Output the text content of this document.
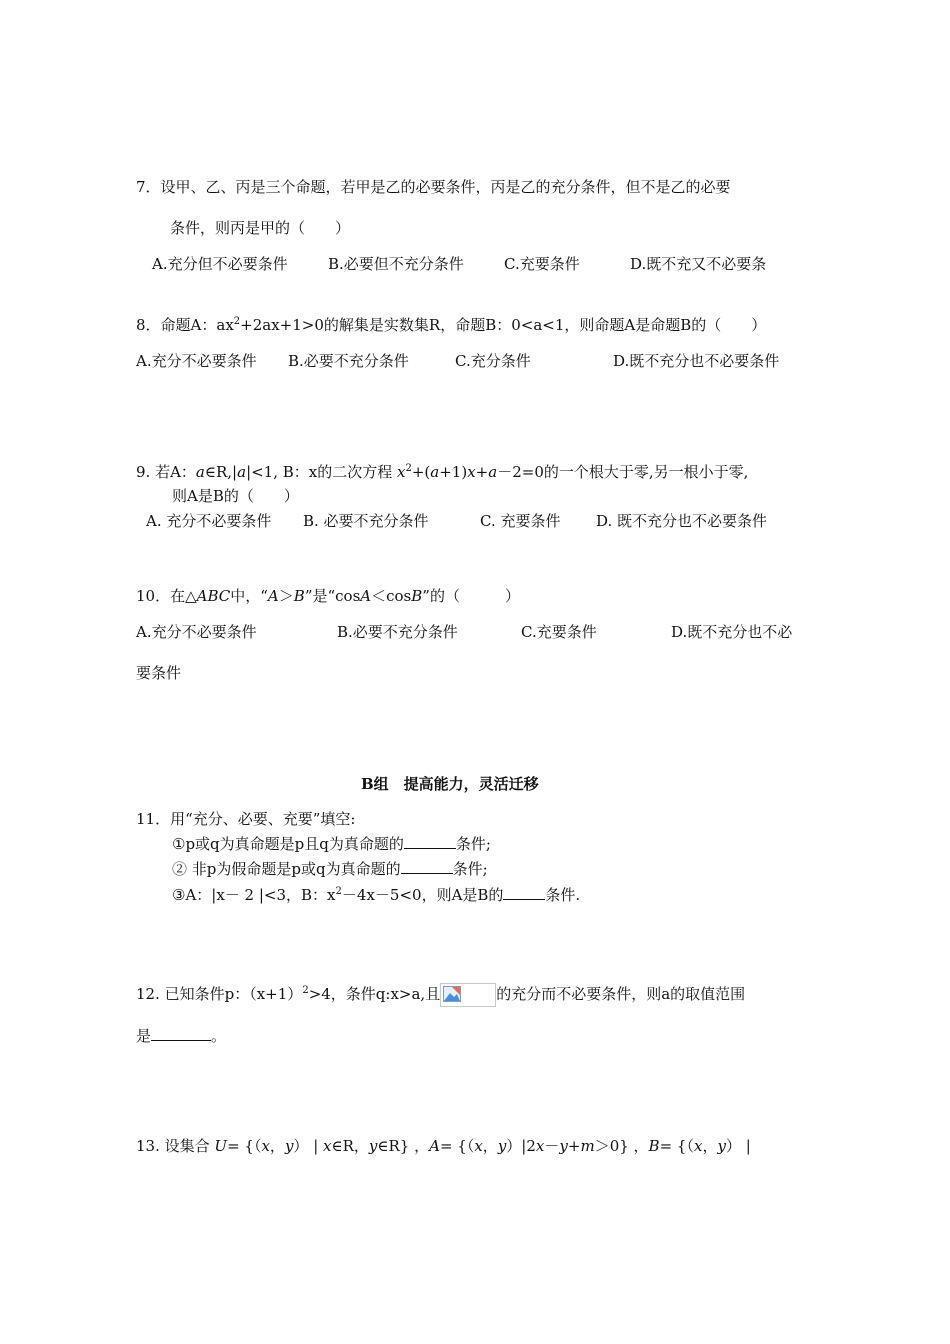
7．设甲、乙、丙是三个命题，若甲是乙的必要条件，丙是乙的充分条件，但不是乙的必要
条件，则丙是甲的（　　）
A.充分但不必要条件	B.必要但不充分条件	C.充要条件	D.既不充又不必要条
8．命题A：$ax^2+2ax+1>0$的解集是实数集R，命题B：0<a<1，则命题A是命题B的（　　）
A.充分不必要条件 B.必要不充分条件	C.充分条件	D.既不充分也不必要条件
9. 若A：a∈R,|a|<1, B：x的二次方程 $x^2+(a+1)x+a-2=0$的一个根大于零,另一根小于零,
则A是B的（　　）
A. 充分不必要条件 B. 必要不充分条件	C. 充要条件 D. 既不充分也不必要条件
10．在△ABC中，“A＞B”是“cosA＜cosB”的（　　　）
A.充分不必要条件	B.必要不充分条件	C.充要条件	D.既不充分也不必
要条件
B组　提高能力，灵活迁移
11．用“充分、必要、充要”填空:
①p或q为真命题是p且q为真命题的	条件;
② 非p为假命题是p或q为真命题的	条件;
③A：|x－ 2 |<3，B：$x^2-4x-5<0$，则A是B的	条件.
12. 已知条件p：$(x+1)^2>4$，条件q:x>a,且	的充分而不必要条件，则a的取值范围
是	。
13. 设集合 U= {（x，y） | x∈R，y∈R} ，A= {（x，y）|2x－y+m＞0} ，B= {（x，y） |
